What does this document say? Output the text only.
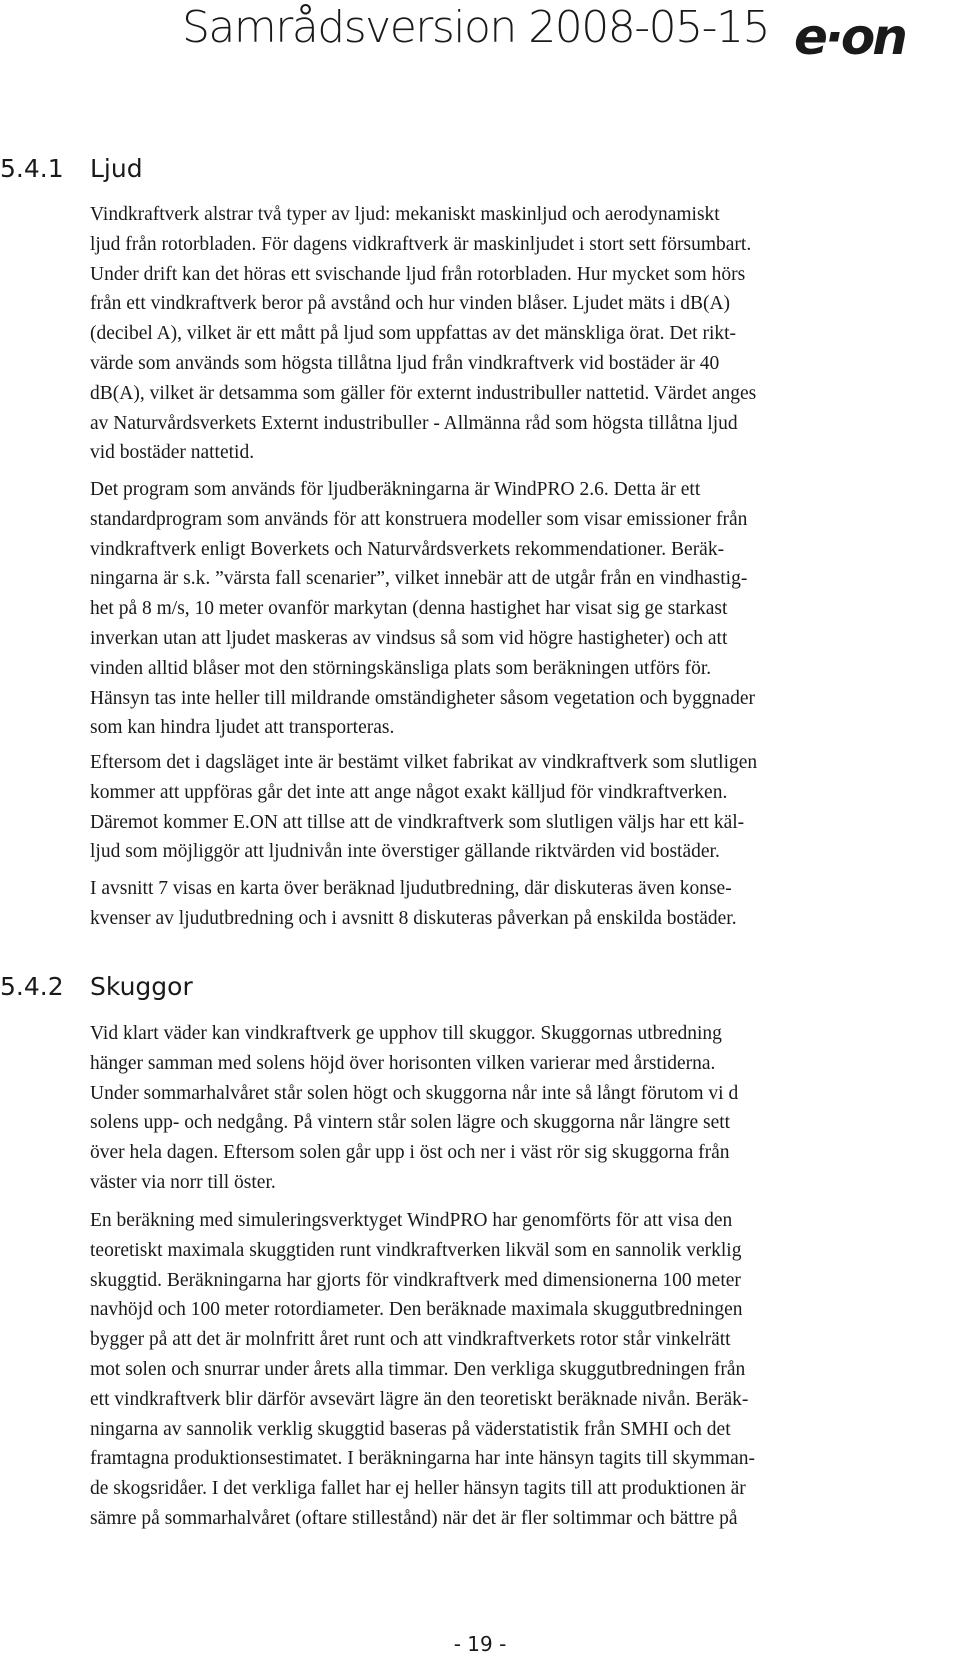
Samrådsversion 2008-05-15 e·on
5.4.1 Ljud

Vindkraftverk alstrar två typer av ljud: mekaniskt maskinljud och aerodynamiskt
ljud från rotorbladen. För dagens vidkraftverk är maskinljudet i stort sett försumbart.
Under drift kan det höras ett svischande ljud från rotorbladen. Hur mycket som hörs
från ett vindkraftverk beror på avstånd och hur vinden blåser. Ljudet mäts i dB(A)
(decibel A), vilket är ett mått på ljud som uppfattas av det mänskliga örat. Det rikt-
värde som används som högsta tillåtna ljud från vindkraftverk vid bostäder är 40
dB(A), vilket är detsamma som gäller för externt industribuller nattetid. Värdet anges
av Naturvårdsverkets Externt industribuller - Allmänna råd som högsta tillåtna ljud
vid bostäder nattetid.

Det program som används för ljudberäkningarna är WindPRO 2.6. Detta är ett
standardprogram som används för att konstruera modeller som visar emissioner från
vindkraftverk enligt Boverkets och Naturvårdsverkets rekommendationer. Beräk-
ningarna är s.k. ”värsta fall scenarier”, vilket innebär att de utgår från en vindhastig-
het på 8 m/s, 10 meter ovanför markytan (denna hastighet har visat sig ge starkast
inverkan utan att ljudet maskeras av vindsus så som vid högre hastigheter) och att
vinden alltid blåser mot den störningskänsliga plats som beräkningen utförs för.
Hänsyn tas inte heller till mildrande omständigheter såsom vegetation och byggnader
som kan hindra ljudet att transporteras.

Eftersom det i dagsläget inte är bestämt vilket fabrikat av vindkraftverk som slutligen
kommer att uppföras går det inte att ange något exakt källjud för vindkraftverken.
Däremot kommer E.ON att tillse att de vindkraftverk som slutligen väljs har ett käl-
ljud som möjliggör att ljudnivån inte överstiger gällande riktvärden vid bostäder.

I avsnitt 7 visas en karta över beräknad ljudutbredning, där diskuteras även konse-
kvenser av ljudutbredning och i avsnitt 8 diskuteras påverkan på enskilda bostäder.

5.4.2 Skuggor

Vid klart väder kan vindkraftverk ge upphov till skuggor. Skuggornas utbredning
hänger samman med solens höjd över horisonten vilken varierar med årstiderna.
Under sommarhalvåret står solen högt och skuggorna når inte så långt förutom vi d
solens upp- och nedgång. På vintern står solen lägre och skuggorna når längre sett
över hela dagen. Eftersom solen går upp i öst och ner i väst rör sig skuggorna från
väster via norr till öster.

En beräkning med simuleringsverktyget WindPRO har genomförts för att visa den
teoretiskt maximala skuggtiden runt vindkraftverken likväl som en sannolik verklig
skuggtid. Beräkningarna har gjorts för vindkraftverk med dimensionerna 100 meter
navhöjd och 100 meter rotordiameter. Den beräknade maximala skuggutbredningen
bygger på att det är molnfritt året runt och att vindkraftverkets rotor står vinkelrätt
mot solen och snurrar under årets alla timmar. Den verkliga skuggutbredningen från
ett vindkraftverk blir därför avsevärt lägre än den teoretiskt beräknade nivån. Beräk-
ningarna av sannolik verklig skuggtid baseras på väderstatistik från SMHI och det
framtagna produktionsestimatet. I beräkningarna har inte hänsyn tagits till skymman-
de skogsridåer. I det verkliga fallet har ej heller hänsyn tagits till att produktionen är
sämre på sommarhalvåret (oftare stillestånd) när det är fler soltimmar och bättre på

- 19 -
